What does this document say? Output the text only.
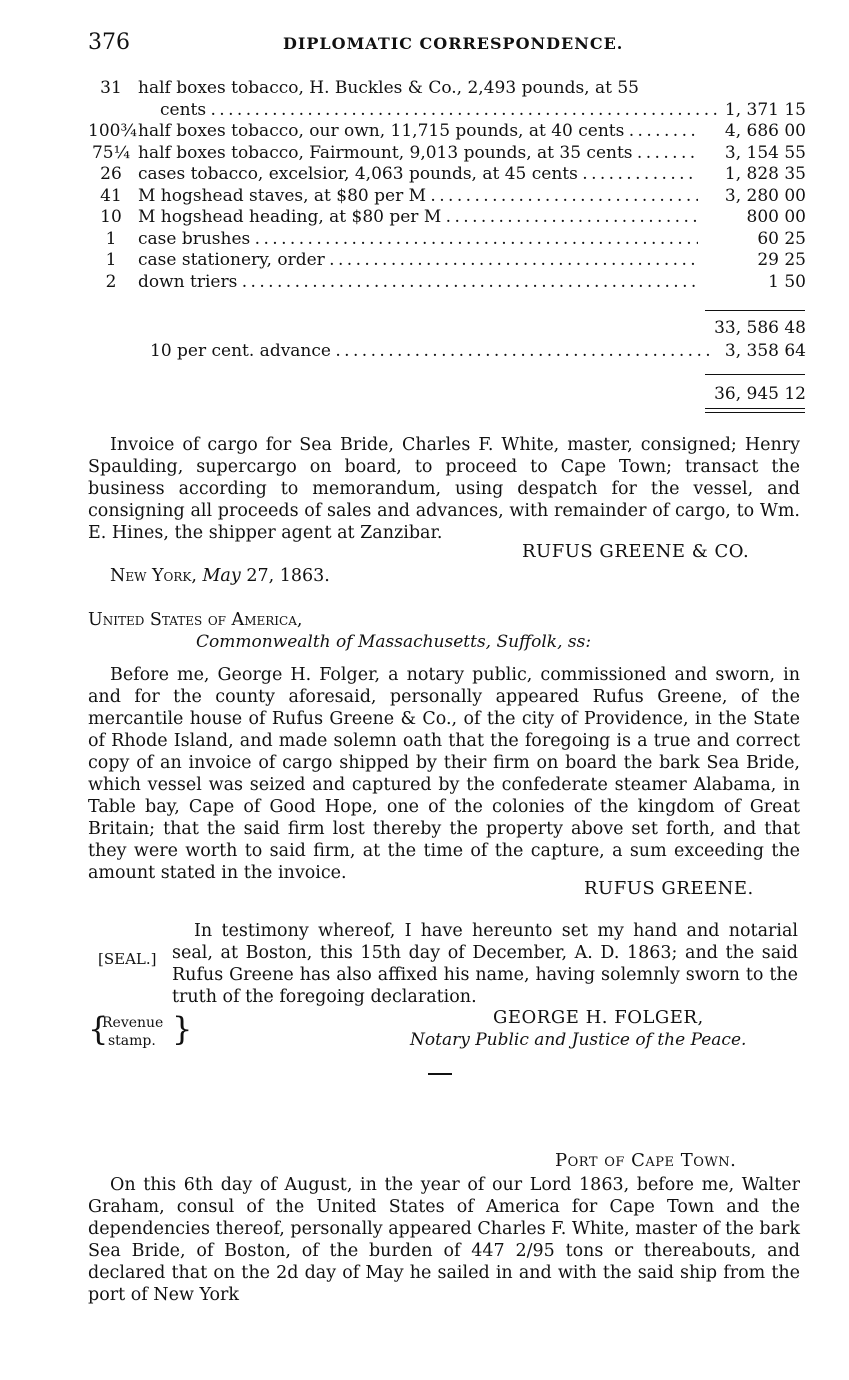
376	DIPLOMATIC CORRESPONDENCE.
31 half boxes tobacco, H. Buckles & Co., 2,493 pounds, at 55
cents . . .	1, 371 15
100¾ half boxes tobacco, our own, 11,715 pounds, at 40 cents . . .	4, 686 00
75¼ half boxes tobacco, Fairmount, 9,013 pounds, at 35 cents . . .	3, 154 55
26 cases tobacco, excelsior, 4,063 pounds, at 45 cents . . .	1, 828 35
41 M hogshead staves, at $80 per M . . .	3, 280 00
10 M hogshead heading, at $80 per M . . .	800 00
1	case brushes . . .	60 25
1	case stationery, order . . .	29 25
2	down triers . . .	1 50
33, 586 48
10 per cent. advance . . .	3, 358 64
36, 945 12

Invoice of cargo for Sea Bride, Charles F. White, master, consigned; Henry Spaulding, supercargo on board, to proceed to Cape Town; transact the business according to memorandum, using despatch for the vessel, and consigning all proceeds of sales and advances, with remainder of cargo, to Wm. E. Hines, the shipper agent at Zanzibar.

RUFUS GREENE & CO.
New York, May 27, 1863.
United States of America,
Commonwealth of Massachusetts, Suffolk, ss:

Before me, George H. Folger, a notary public, commissioned and sworn, in and for the county aforesaid, personally appeared Rufus Greene, of the mercantile house of Rufus Greene & Co., of the city of Providence, in the State of Rhode Island, and made solemn oath that the foregoing is a true and correct copy of an invoice of cargo shipped by their firm on board the bark Sea Bride, which vessel was seized and captured by the confederate steamer Alabama, in Table bay, Cape of Good Hope, one of the colonies of the kingdom of Great Britain; that the said firm lost thereby the property above set forth, and that they were worth to said firm, at the time of the capture, a sum exceeding the amount stated in the invoice.

RUFUS GREENE.

In testimony whereof, I have hereunto set my hand and notarial seal, at Boston, this 15th day of December, A. D. 1863; and the said Rufus Greene has also affixed his name, having solemnly sworn to the truth of the foregoing declaration.

[SEAL.]
{
Revenue
stamp. }	GEORGE H. FOLGER,
Notary Public and Justice of the Peace.
Port of Cape Town.

On this 6th day of August, in the year of our Lord 1863, before me, Walter Graham, consul of the United States of America for Cape Town and the dependencies thereof, personally appeared Charles F. White, master of the bark Sea Bride, of Boston, of the burden of 447 2/95 tons or thereabouts, and declared that on the 2d day of May he sailed in and with the said ship from the port of New York
